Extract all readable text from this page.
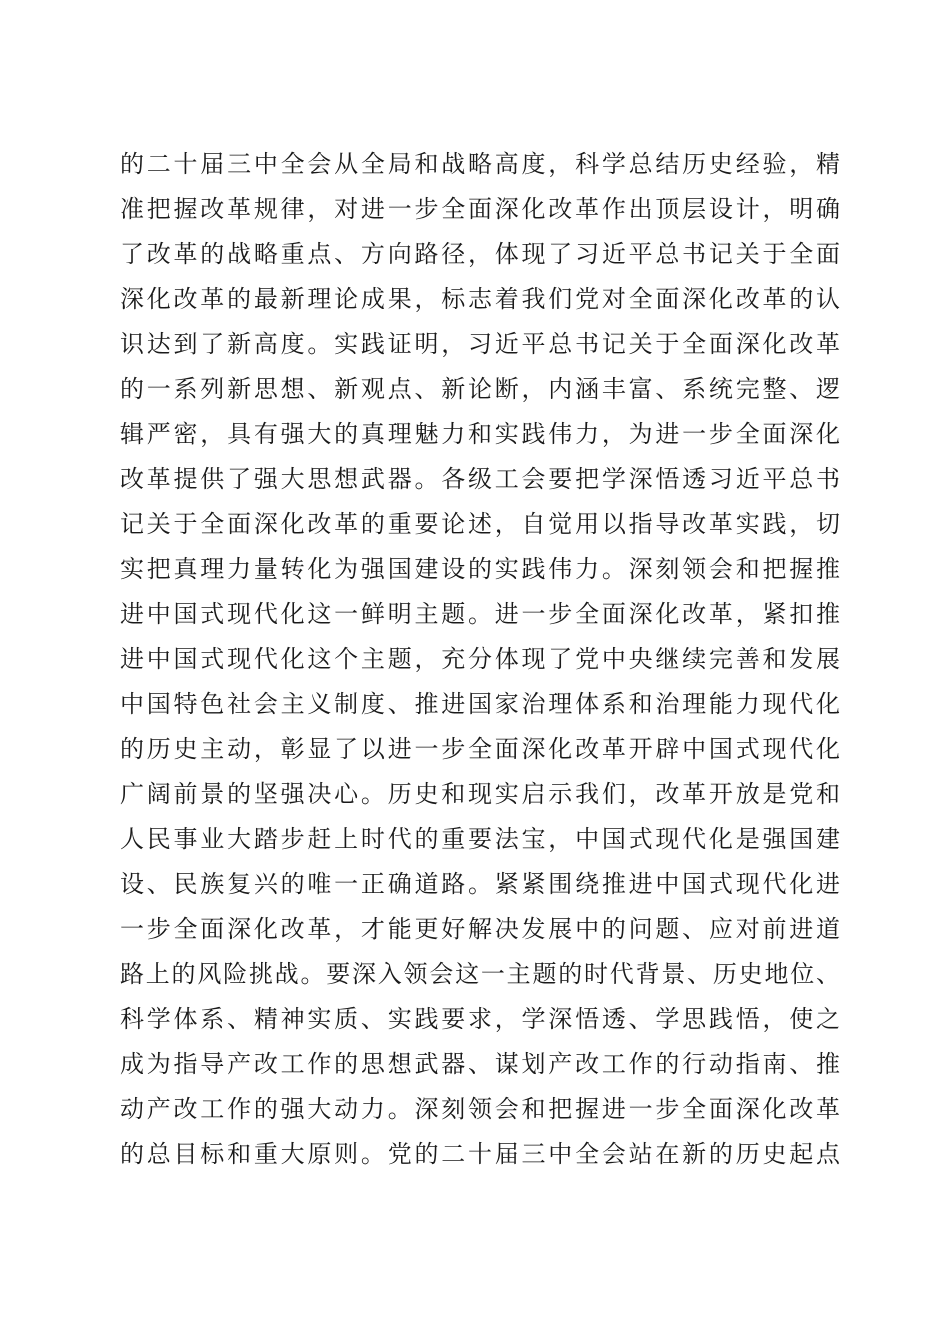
的二十届三中全会从全局和战略高度，科学总结历史经验，精
准把握改革规律，对进一步全面深化改革作出顶层设计，明确
了改革的战略重点、方向路径，体现了习近平总书记关于全面
深化改革的最新理论成果，标志着我们党对全面深化改革的认
识达到了新高度。实践证明，习近平总书记关于全面深化改革
的一系列新思想、新观点、新论断，内涵丰富、系统完整、逻
辑严密，具有强大的真理魅力和实践伟力，为进一步全面深化
改革提供了强大思想武器。各级工会要把学深悟透习近平总书
记关于全面深化改革的重要论述，自觉用以指导改革实践，切
实把真理力量转化为强国建设的实践伟力。深刻领会和把握推
进中国式现代化这一鲜明主题。进一步全面深化改革，紧扣推
进中国式现代化这个主题，充分体现了党中央继续完善和发展
中国特色社会主义制度、推进国家治理体系和治理能力现代化
的历史主动，彰显了以进一步全面深化改革开辟中国式现代化
广阔前景的坚强决心。历史和现实启示我们，改革开放是党和
人民事业大踏步赶上时代的重要法宝，中国式现代化是强国建
设、民族复兴的唯一正确道路。紧紧围绕推进中国式现代化进
一步全面深化改革，才能更好解决发展中的问题、应对前进道
路上的风险挑战。要深入领会这一主题的时代背景、历史地位、
科学体系、精神实质、实践要求，学深悟透、学思践悟，使之
成为指导产改工作的思想武器、谋划产改工作的行动指南、推
动产改工作的强大动力。深刻领会和把握进一步全面深化改革
的总目标和重大原则。党的二十届三中全会站在新的历史起点
